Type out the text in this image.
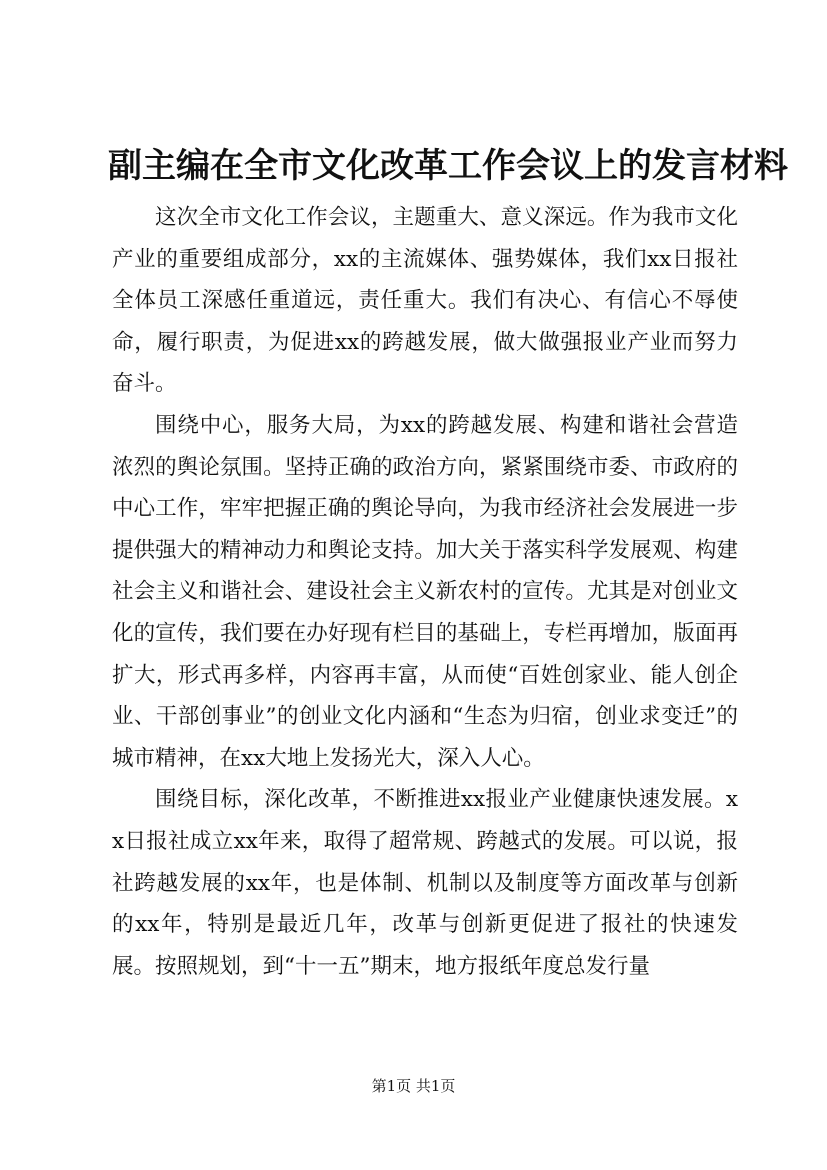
副主编在全市文化改革工作会议上的发言材料

这次全市文化工作会议，主题重大、意义深远。作为我市文化产业的重要组成部分，xx的主流媒体、强势媒体，我们xx日报社全体员工深感任重道远，责任重大。我们有决心、有信心不辱使命，履行职责，为促进xx的跨越发展，做大做强报业产业而努力奋斗。

围绕中心，服务大局，为xx的跨越发展、构建和谐社会营造浓烈的舆论氛围。坚持正确的政治方向，紧紧围绕市委、市政府的中心工作，牢牢把握正确的舆论导向，为我市经济社会发展进一步提供强大的精神动力和舆论支持。加大关于落实科学发展观、构建社会主义和谐社会、建设社会主义新农村的宣传。尤其是对创业文化的宣传，我们要在办好现有栏目的基础上，专栏再增加，版面再扩大，形式再多样，内容再丰富，从而使“百姓创家业、能人创企业、干部创事业”的创业文化内涵和“生态为归宿，创业求变迁”的城市精神，在xx大地上发扬光大，深入人心。

围绕目标，深化改革，不断推进xx报业产业健康快速发展。xx日报社成立xx年来，取得了超常规、跨越式的发展。可以说，报社跨越发展的xx年，也是体制、机制以及制度等方面改革与创新的xx年，特别是最近几年，改革与创新更促进了报社的快速发展。按照规划，到“十一五”期末，地方报纸年度总发行量

第1页 共1页
